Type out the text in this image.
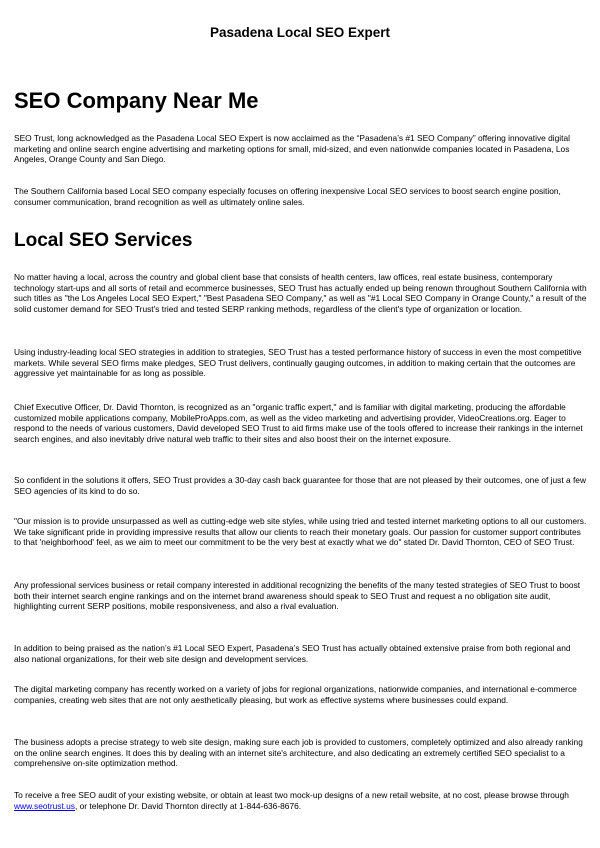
Pasadena Local SEO Expert
SEO Company Near Me

SEO Trust, long acknowledged as the Pasadena Local SEO Expert is now acclaimed as the “Pasadena’s #1 SEO Company” offering innovative digital marketing and online search engine advertising and marketing options for small, mid-sized, and even nationwide companies located in Pasadena, Los Angeles, Orange County and San Diego.

The Southern California based Local SEO company especially focuses on offering inexpensive Local SEO services to boost search engine position, consumer communication, brand recognition as well as ultimately online sales.

Local SEO Services

No matter having a local, across the country and global client base that consists of health centers, law offices, real estate business, contemporary technology start-ups and all sorts of retail and ecommerce businesses, SEO Trust has actually ended up being renown throughout Southern California with such titles as "the Los Angeles Local SEO Expert," "Best Pasadena SEO Company," as well as "#1 Local SEO Company in Orange County," a result of the solid customer demand for SEO Trust's tried and tested SERP ranking methods, regardless of the client's type of organization or location.

Using industry-leading local SEO strategies in addition to strategies, SEO Trust has a tested performance history of success in even the most competitive markets. While several SEO firms make pledges, SEO Trust delivers, continually gauging outcomes, in addition to making certain that the outcomes are aggressive yet maintainable for as long as possible.

Chief Executive Officer, Dr. David Thornton, is recognized as an "organic traffic expert," and is familiar with digital marketing, producing the affordable customized mobile applications company, MobileProApps.com, as well as the video marketing and advertising provider, VideoCreations.org. Eager to respond to the needs of various customers, David developed SEO Trust to aid firms make use of the tools offered to increase their rankings in the internet search engines, and also inevitably drive natural web traffic to their sites and also boost their on the internet exposure.

So confident in the solutions it offers, SEO Trust provides a 30-day cash back guarantee for those that are not pleased by their outcomes, one of just a few SEO agencies of its kind to do so.

"Our mission is to provide unsurpassed as well as cutting-edge web site styles, while using tried and tested internet marketing options to all our customers. We take significant pride in providing impressive results that allow our clients to reach their monetary goals. Our passion for customer support contributes to that 'neighborhood' feel, as we aim to meet our commitment to be the very best at exactly what we do" stated Dr. David Thornton, CEO of SEO Trust.

Any professional services business or retail company interested in additional recognizing the benefits of the many tested strategies of SEO Trust to boost both their internet search engine rankings and on the internet brand awareness should speak to SEO Trust and request a no obligation site audit, highlighting current SERP positions, mobile responsiveness, and also a rival evaluation.

In addition to being praised as the nation’s #1 Local SEO Expert, Pasadena’s SEO Trust has actually obtained extensive praise from both regional and also national organizations, for their web site design and development services.

The digital marketing company has recently worked on a variety of jobs for regional organizations, nationwide companies, and international e-commerce companies, creating web sites that are not only aesthetically pleasing, but work as effective systems where businesses could expand.

The business adopts a precise strategy to web site design, making sure each job is provided to customers, completely optimized and also already ranking on the online search engines. It does this by dealing with an internet site's architecture, and also dedicating an extremely certified SEO specialist to a comprehensive on-site optimization method.

To receive a free SEO audit of your existing website, or obtain at least two mock-up designs of a new retail website, at no cost, please browse through www.seotrust.us, or telephone Dr. David Thornton directly at 1-844-636-8676.
